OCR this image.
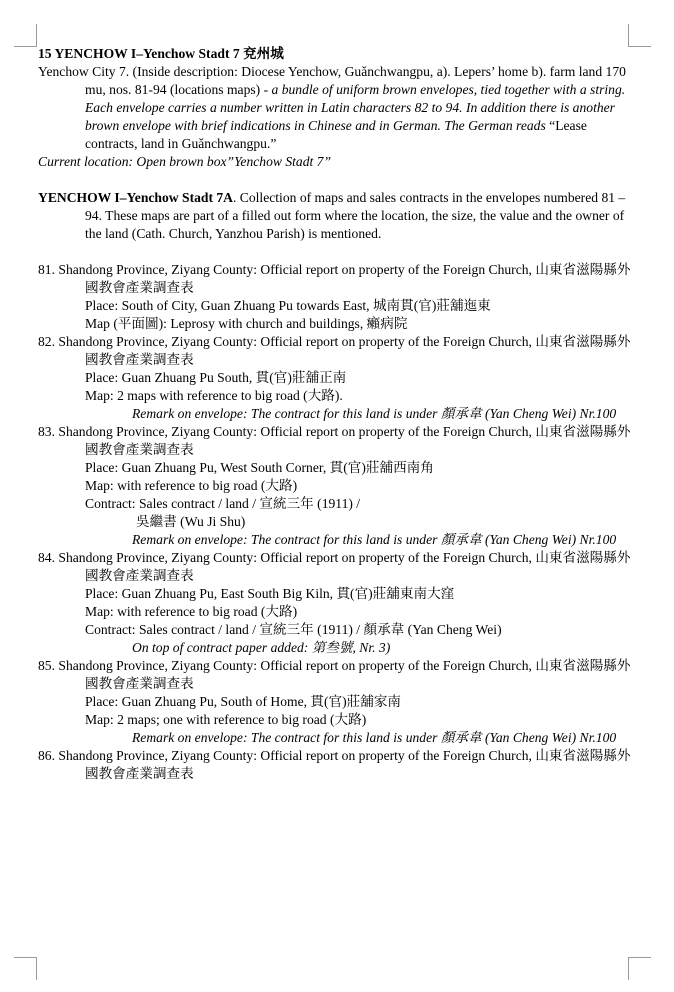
15 YENCHOW I–Yenchow Stadt 7 兗州城

Yenchow City 7. (Inside description: Diocese Yenchow, Guǎnchwangpu, a). Lepers’ home b). farm land 170 mu, nos. 81-94 (locations maps) - a bundle of uniform brown envelopes, tied together with a string. Each envelope carries a number written in Latin characters 82 to 94. In addition there is another brown envelope with brief indications in Chinese and in German. The German reads “Lease contracts, land in Guǎnchwangpu.”

Current location: Open brown box”Yenchow Stadt 7”

YENCHOW I–Yenchow Stadt 7A. Collection of maps and sales contracts in the envelopes numbered 81 – 94. These maps are part of a filled out form where the location, the size, the value and the owner of the land (Cath. Church, Yanzhou Parish) is mentioned.

81. Shandong Province, Ziyang County: Official report on property of the Foreign Church, 山東省滋陽縣外國教會產業調查表

Place: South of City, Guan Zhuang Pu towards East, 城南貫(官)莊舖迤東

Map (平面圖): Leprosy with church and buildings, 癩病院

82. Shandong Province, Ziyang County: Official report on property of the Foreign Church, 山東省滋陽縣外國教會產業調查表

Place: Guan Zhuang Pu South, 貫(官)莊舖正南

Map: 2 maps with reference to big road (大路).

Remark on envelope: The contract for this land is under 顏承韋 (Yan Cheng Wei) Nr.100

83. Shandong Province, Ziyang County: Official report on property of the Foreign Church, 山東省滋陽縣外國教會產業調查表

Place: Guan Zhuang Pu, West South Corner, 貫(官)莊舖西南角

Map: with reference to big road (大路)

Contract: Sales contract / land / 宣統三年 (1911) /

吳繼書 (Wu Ji Shu)

Remark on envelope: The contract for this land is under 顏承韋 (Yan Cheng Wei) Nr.100

84. Shandong Province, Ziyang County: Official report on property of the Foreign Church, 山東省滋陽縣外國教會產業調查表

Place: Guan Zhuang Pu, East South Big Kiln, 貫(官)莊舖東南大窪

Map: with reference to big road (大路)

Contract: Sales contract / land / 宣統三年 (1911) / 顏承韋 (Yan Cheng Wei)

On top of contract paper added: 第叁號, Nr. 3)

85. Shandong Province, Ziyang County: Official report on property of the Foreign Church, 山東省滋陽縣外國教會產業調查表

Place: Guan Zhuang Pu, South of Home, 貫(官)莊舖家南

Map: 2 maps; one with reference to big road (大路)

Remark on envelope: The contract for this land is under 顏承韋 (Yan Cheng Wei) Nr.100

86. Shandong Province, Ziyang County: Official report on property of the Foreign Church, 山東省滋陽縣外國教會產業調查表
